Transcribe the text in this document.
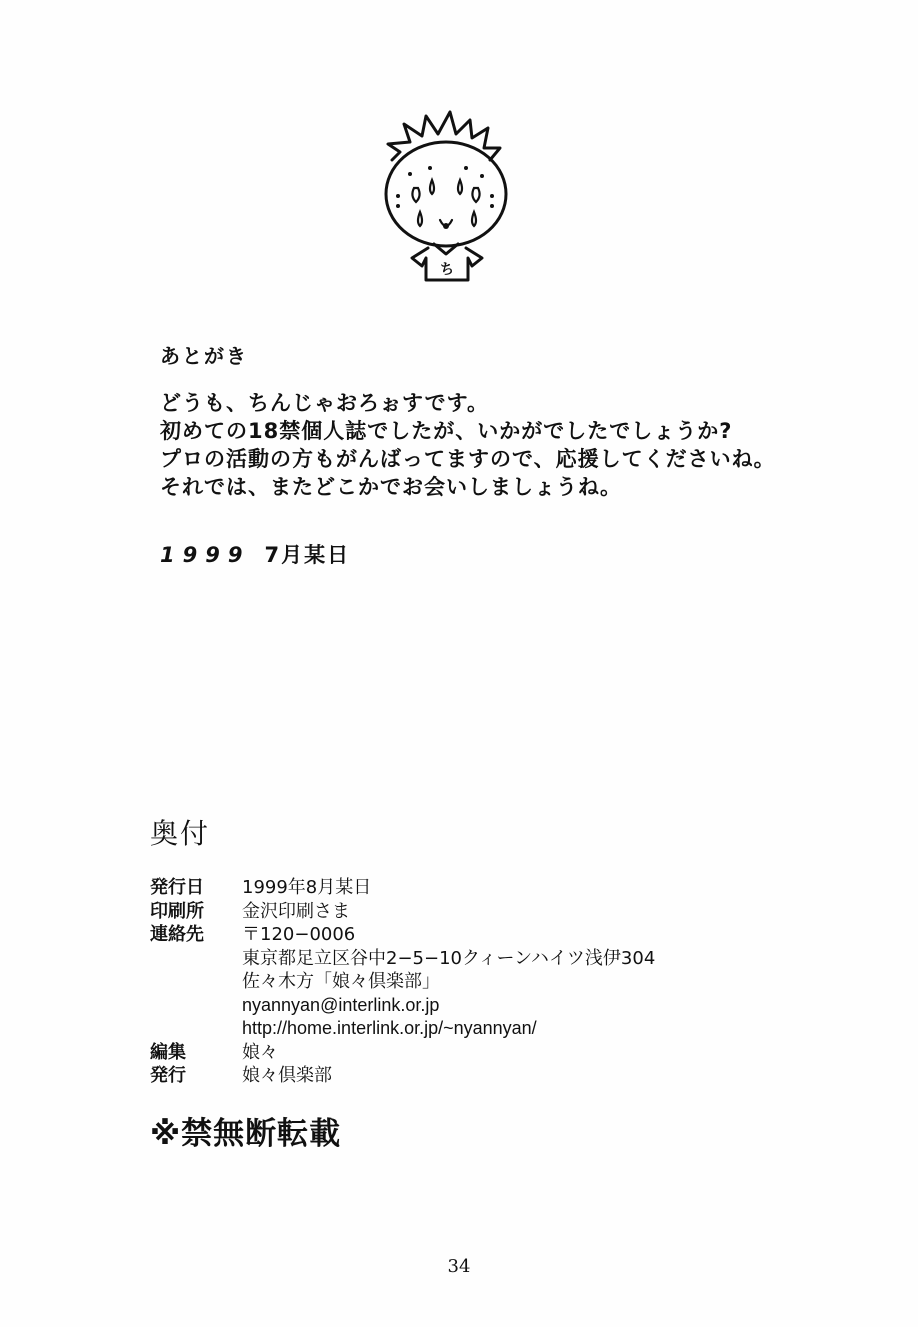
ち

あとがき

どうも、ちんじゃおろぉすです。

初めての18禁個人誌でしたが、いかがでしたでしょうか?

プロの活動の方もがんばってますので、応援してくださいね。

それでは、またどこかでお会いしましょうね。

1999 7月某日

奥付

発行日	1999年8月某日
印刷所	金沢印刷さま
連絡先	〒120−0006
東京都足立区谷中2−5−10クィーンハイツ浅伊304
佐々木方「娘々倶楽部」
nyannyan@interlink.or.jp
http://home.interlink.or.jp/~nyannyan/
編集	娘々
発行	娘々倶楽部
※禁無断転載
34
